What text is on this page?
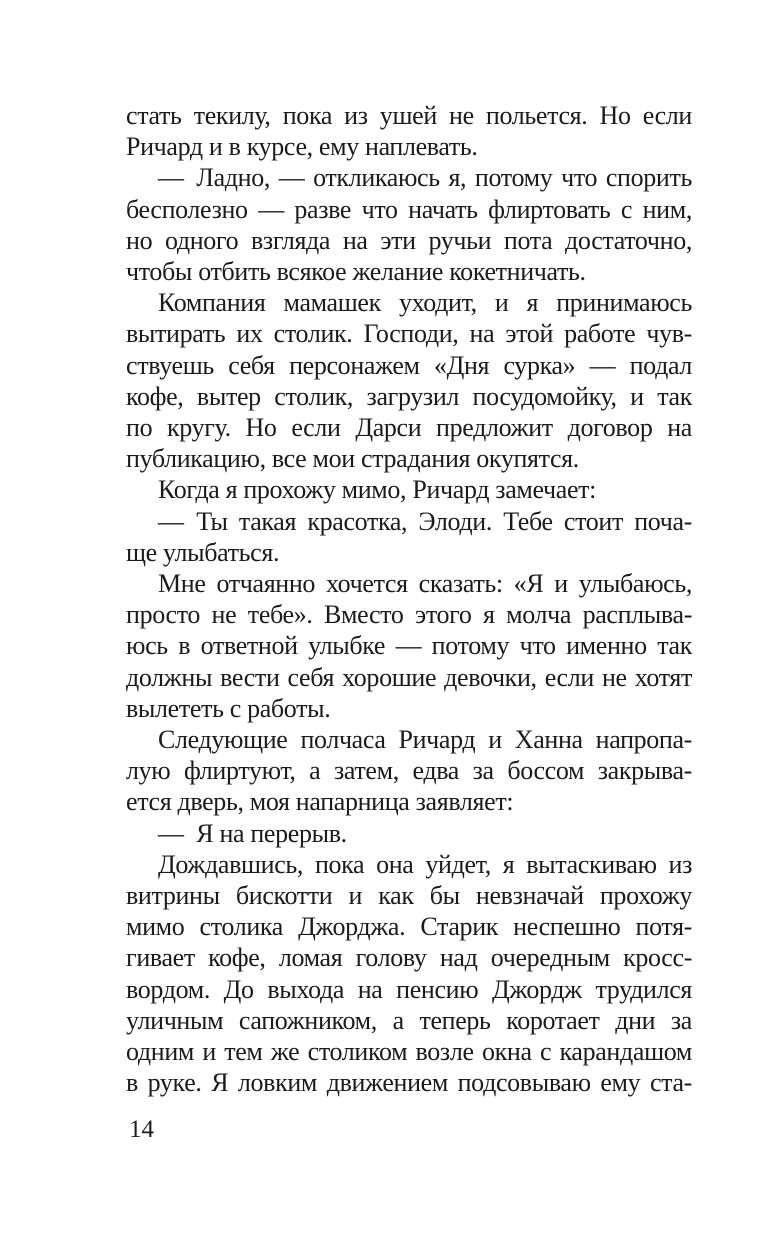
стать текилу, пока из ушей не польется. Но если
Ричард и в курсе, ему наплевать.
— Ладно, — откликаюсь я, потому что спорить
бесполезно — разве что начать флиртовать с ним,
но одного взгляда на эти ручьи пота достаточно,
чтобы отбить всякое желание кокетничать.
Компания мамашек уходит, и я принимаюсь
вытирать их столик. Господи, на этой работе чув-
ствуешь себя персонажем «Дня сурка» — подал
кофе, вытер столик, загрузил посудомойку, и так
по кругу. Но если Дарси предложит договор на
публикацию, все мои страдания окупятся.
Когда я прохожу мимо, Ричард замечает:
— Ты такая красотка, Элоди. Тебе стоит поча-
ще улыбаться.
Мне отчаянно хочется сказать: «Я и улыбаюсь,
просто не тебе». Вместо этого я молча расплыва-
юсь в ответной улыбке — потому что именно так
должны вести себя хорошие девочки, если не хотят
вылететь с работы.
Следующие полчаса Ричард и Ханна напропа-
лую флиртуют, а затем, едва за боссом закрыва-
ется дверь, моя напарница заявляет:
— Я на перерыв.
Дождавшись, пока она уйдет, я вытаскиваю из
витрины бискотти и как бы невзначай прохожу
мимо столика Джорджа. Старик неспешно потя-
гивает кофе, ломая голову над очередным кросс-
вордом. До выхода на пенсию Джордж трудился
уличным сапожником, а теперь коротает дни за
одним и тем же столиком возле окна с карандашом
в руке. Я ловким движением подсовываю ему ста-
14
